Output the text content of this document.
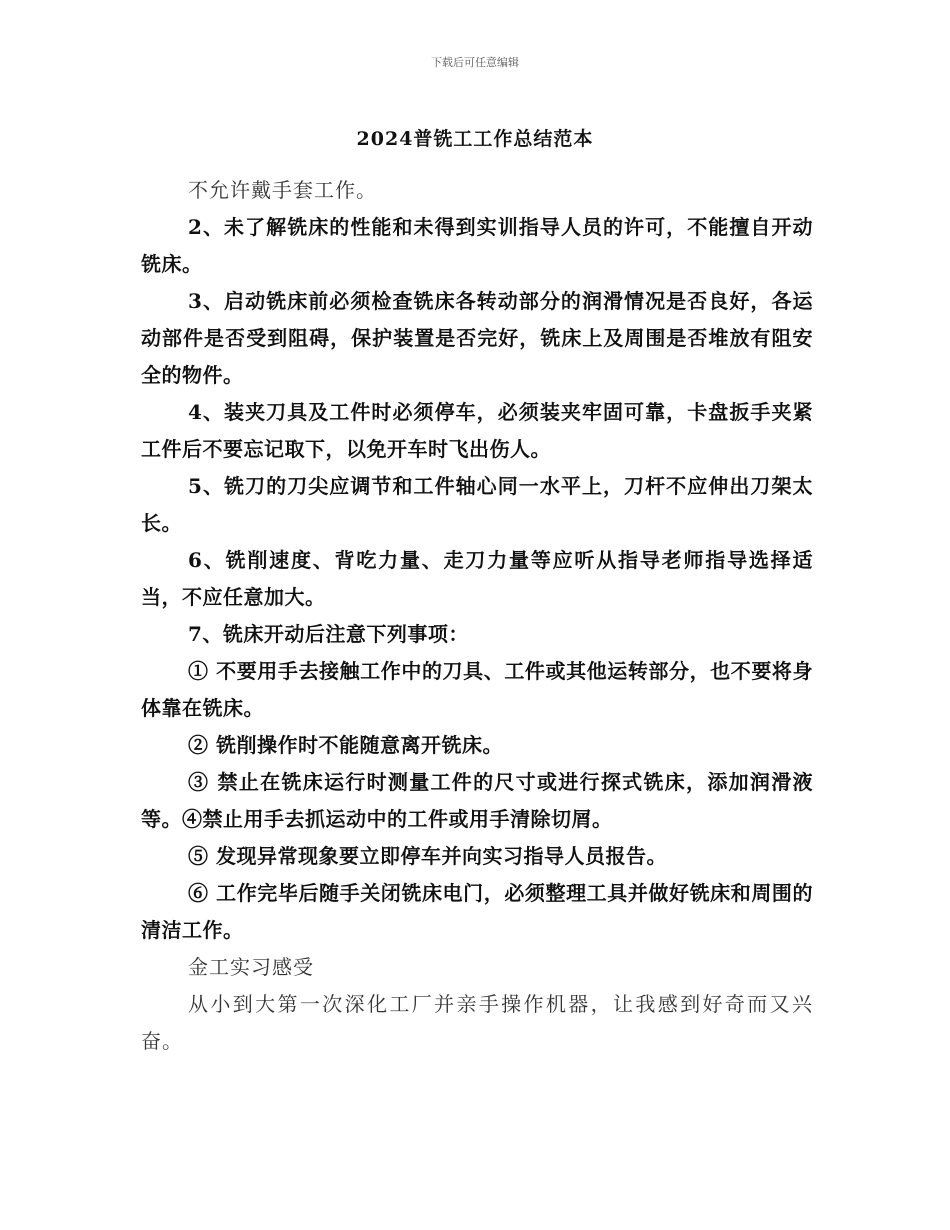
下载后可任意编辑
2024普铣工工作总结范本

不允许戴手套工作。

2、未了解铣床的性能和未得到实训指导人员的许可，不能擅自开动铣床。

3、启动铣床前必须检查铣床各转动部分的润滑情况是否良好，各运动部件是否受到阻碍，保护装置是否完好，铣床上及周围是否堆放有阻安全的物件。

4、装夹刀具及工件时必须停车，必须装夹牢固可靠，卡盘扳手夹紧工件后不要忘记取下，以免开车时飞出伤人。

5、铣刀的刀尖应调节和工件轴心同一水平上，刀杆不应伸出刀架太长。

6、铣削速度、背吃力量、走刀力量等应听从指导老师指导选择适当，不应任意加大。

7、铣床开动后注意下列事项：

① 不要用手去接触工作中的刀具、工件或其他运转部分，也不要将身体靠在铣床。

② 铣削操作时不能随意离开铣床。

③ 禁止在铣床运行时测量工件的尺寸或进行探式铣床，添加润滑液等。④禁止用手去抓运动中的工件或用手清除切屑。

⑤ 发现异常现象要立即停车并向实习指导人员报告。

⑥ 工作完毕后随手关闭铣床电门，必须整理工具并做好铣床和周围的清洁工作。

金工实习感受

从小到大第一次深化工厂并亲手操作机器，让我感到好奇而又兴奋。
